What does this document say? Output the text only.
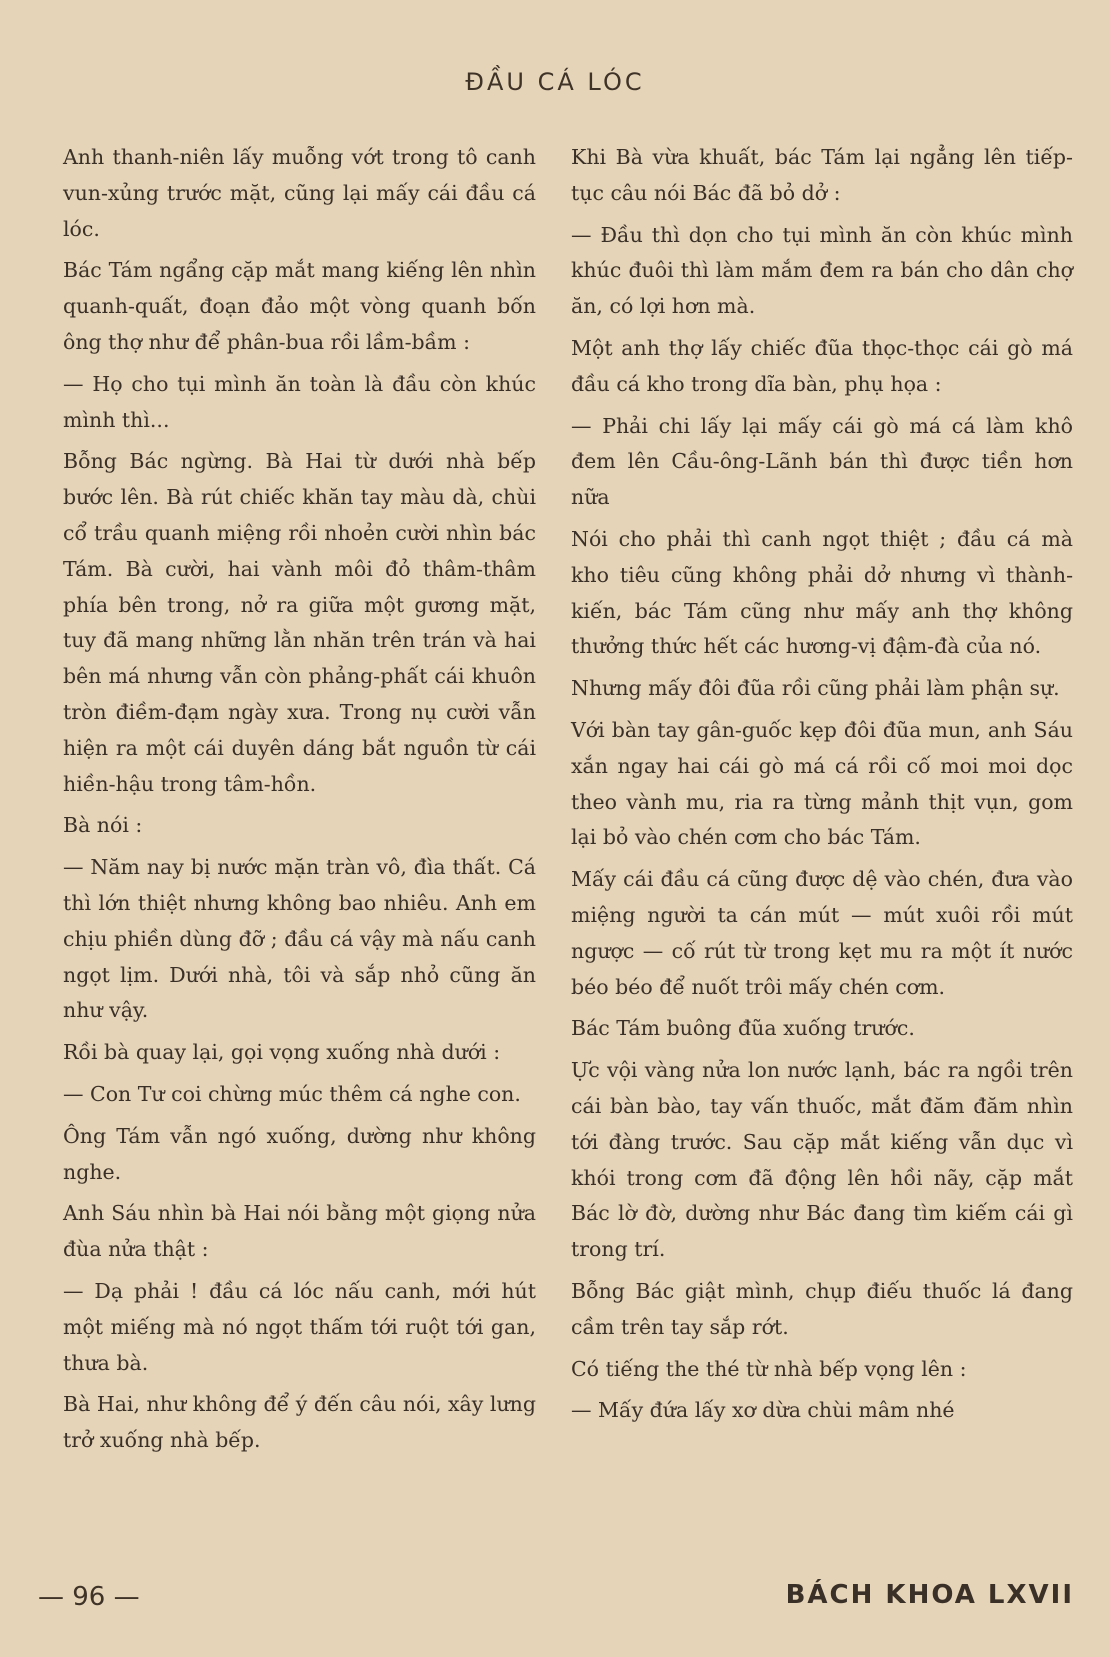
ĐẦU CÁ LÓC

Anh thanh-niên lấy muỗng vớt trong tô canh vun-xủng trước mặt, cũng lại mấy cái đầu cá lóc.

Bác Tám ngẩng cặp mắt mang kiếng lên nhìn quanh-quất, đoạn đảo một vòng quanh bốn ông thợ như để phân-bua rồi lầm-bầm :

— Họ cho tụi mình ăn toàn là đầu còn khúc mình thì...

Bỗng Bác ngừng. Bà Hai từ dưới nhà bếp bước lên. Bà rút chiếc khăn tay màu dà, chùi cổ trầu quanh miệng rồi nhoẻn cười nhìn bác Tám. Bà cười, hai vành môi đỏ thâm-thâm phía bên trong, nở ra giữa một gương mặt, tuy đã mang những lằn nhăn trên trán và hai bên má nhưng vẫn còn phảng-phất cái khuôn tròn điềm-đạm ngày xưa. Trong nụ cười vẫn hiện ra một cái duyên dáng bắt nguồn từ cái hiền-hậu trong tâm-hồn.

Bà nói :

— Năm nay bị nước mặn tràn vô, đìa thất. Cá thì lớn thiệt nhưng không bao nhiêu. Anh em chịu phiền dùng đỡ ; đầu cá vậy mà nấu canh ngọt lịm. Dưới nhà, tôi và sắp nhỏ cũng ăn như vậy.

Rồi bà quay lại, gọi vọng xuống nhà dưới :

— Con Tư coi chừng múc thêm cá nghe con.

Ông Tám vẫn ngó xuống, dường như không nghe.

Anh Sáu nhìn bà Hai nói bằng một giọng nửa đùa nửa thật :

— Dạ phải ! đầu cá lóc nấu canh, mới hút một miếng mà nó ngọt thấm tới ruột tới gan, thưa bà.

Bà Hai, như không để ý đến câu nói, xây lưng trở xuống nhà bếp.

Khi Bà vừa khuất, bác Tám lại ngẳng lên tiếp-tục câu nói Bác đã bỏ dở :

— Đầu thì dọn cho tụi mình ăn còn khúc mình khúc đuôi thì làm mắm đem ra bán cho dân chợ ăn, có lợi hơn mà.

Một anh thợ lấy chiếc đũa thọc-thọc cái gò má đầu cá kho trong dĩa bàn, phụ họa :

— Phải chi lấy lại mấy cái gò má cá làm khô đem lên Cầu-ông-Lãnh bán thì được tiền hơn nữa

Nói cho phải thì canh ngọt thiệt ; đầu cá mà kho tiêu cũng không phải dở nhưng vì thành-kiến, bác Tám cũng như mấy anh thợ không thưởng thức hết các hương-vị đậm-đà của nó.

Nhưng mấy đôi đũa rồi cũng phải làm phận sự.

Với bàn tay gân-guốc kẹp đôi đũa mun, anh Sáu xắn ngay hai cái gò má cá rồi cố moi moi dọc theo vành mu, ria ra từng mảnh thịt vụn, gom lại bỏ vào chén cơm cho bác Tám.

Mấy cái đầu cá cũng được dệ vào chén, đưa vào miệng người ta cán mút — mút xuôi rồi mút ngược — cố rút từ trong kẹt mu ra một ít nước béo béo để nuốt trôi mấy chén cơm.

Bác Tám buông đũa xuống trước.

Ực vội vàng nửa lon nước lạnh, bác ra ngồi trên cái bàn bào, tay vấn thuốc, mắt đăm đăm nhìn tới đàng trước. Sau cặp mắt kiếng vẫn dục vì khói trong cơm đã động lên hồi nãy, cặp mắt Bác lờ đờ, dường như Bác đang tìm kiếm cái gì trong trí.

Bỗng Bác giật mình, chụp điếu thuốc lá đang cầm trên tay sắp rớt.

Có tiếng the thé từ nhà bếp vọng lên :

— Mấy đứa lấy xơ dừa chùi mâm nhé

— 96 —	BÁCH KHOA LXVII
